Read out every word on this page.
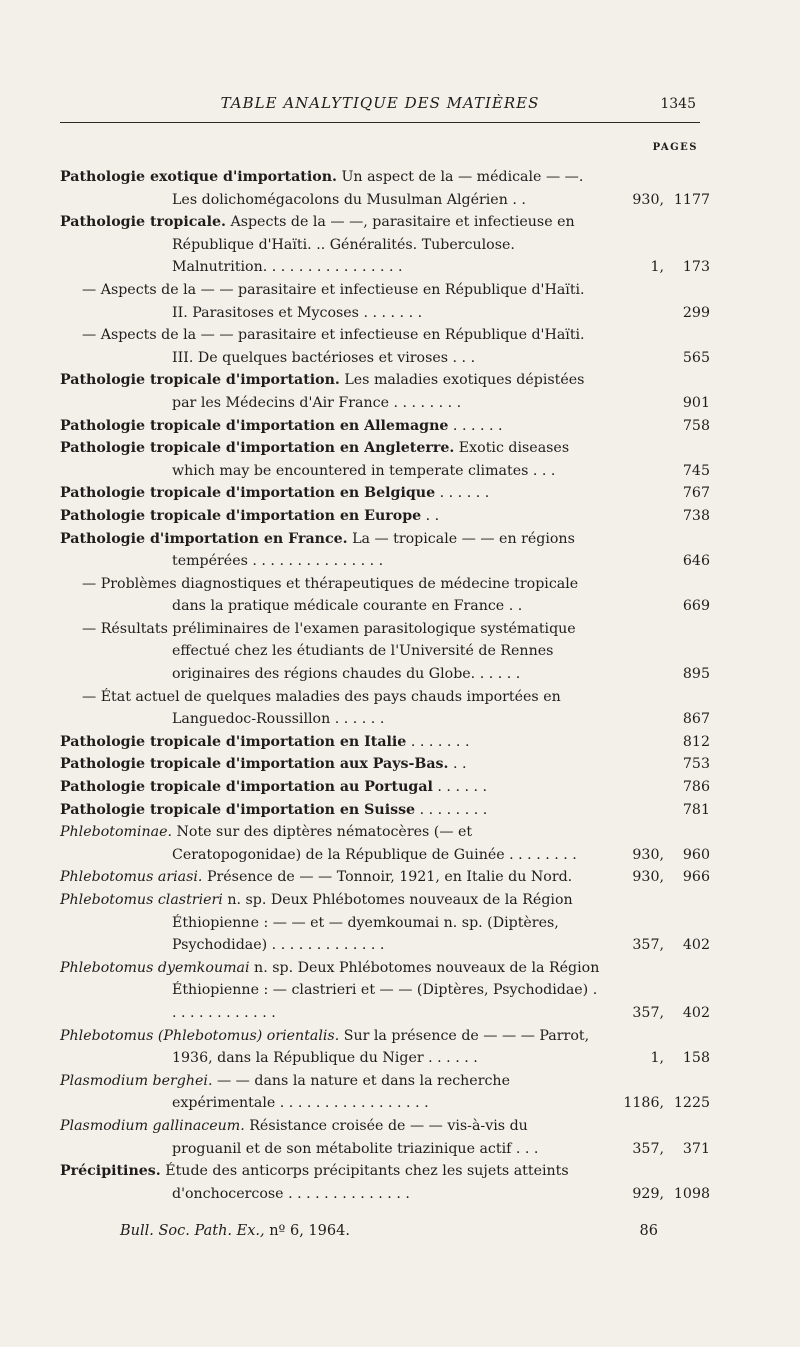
TABLE ANALYTIQUE DES MATIÈRES	1345
PAGES
Pathologie exotique d'importation. Un aspect de la — médicale — —. Les dolichomégacolons du Musulman Algérien . .	930, 1177
Pathologie tropicale. Aspects de la — —, parasitaire et infectieuse en République d'Haïti. .. Généralités. Tuberculose. Malnutrition. . . . . . . . . . . . . . . .	1, 173
— Aspects de la — — parasitaire et infectieuse en République d'Haïti. II. Parasitoses et Mycoses . . . . . . .	299
— Aspects de la — — parasitaire et infectieuse en République d'Haïti. III. De quelques bactérioses et viroses . . .	565
Pathologie tropicale d'importation. Les maladies exotiques dépistées par les Médecins d'Air France . . . . . . . .	901
Pathologie tropicale d'importation en Allemagne . . . . . .	758
Pathologie tropicale d'importation en Angleterre. Exotic diseases which may be encountered in temperate climates . . .	745
Pathologie tropicale d'importation en Belgique . . . . . .	767
Pathologie tropicale d'importation en Europe . .	738
Pathologie d'importation en France. La — tropicale — — en régions tempérées . . . . . . . . . . . . . . .	646
— Problèmes diagnostiques et thérapeutiques de médecine tropicale dans la pratique médicale courante en France . .	669
— Résultats préliminaires de l'examen parasitologique systématique effectué chez les étudiants de l'Université de Rennes originaires des régions chaudes du Globe. . . . . .	895
— État actuel de quelques maladies des pays chauds importées en Languedoc-Roussillon . . . . . .	867
Pathologie tropicale d'importation en Italie . . . . . . .	812
Pathologie tropicale d'importation aux Pays-Bas. . .	753
Pathologie tropicale d'importation au Portugal . . . . . .	786
Pathologie tropicale d'importation en Suisse . . . . . . . .	781
Phlebotominae. Note sur des diptères nématocères (— et Ceratopogonidae) de la République de Guinée . . . . . . . .	930, 960
Phlebotomus ariasi. Présence de — — Tonnoir, 1921, en Italie du Nord.	930, 966
Phlebotomus clastrieri n. sp. Deux Phlébotomes nouveaux de la Région Éthiopienne : — — et — dyemkoumai n. sp. (Diptères, Psychodidae) . . . . . . . . . . . . .	357, 402
Phlebotomus dyemkoumai n. sp. Deux Phlébotomes nouveaux de la Région Éthiopienne : — clastrieri et — — (Diptères, Psychodidae) . . . . . . . . . . . . .	357, 402
Phlebotomus (Phlebotomus) orientalis. Sur la présence de — — — Parrot, 1936, dans la République du Niger . . . . . .	1, 158
Plasmodium berghei. — — dans la nature et dans la recherche expérimentale . . . . . . . . . . . . . . . . .	1186, 1225
Plasmodium gallinaceum. Résistance croisée de — — vis-à-vis du proguanil et de son métabolite triazinique actif . . .	357, 371
Précipitines. Étude des anticorps précipitants chez les sujets atteints d'onchocercose . . . . . . . . . . . . . .	929, 1098
Bull. Soc. Path. Ex., nº 6, 1964.	86
